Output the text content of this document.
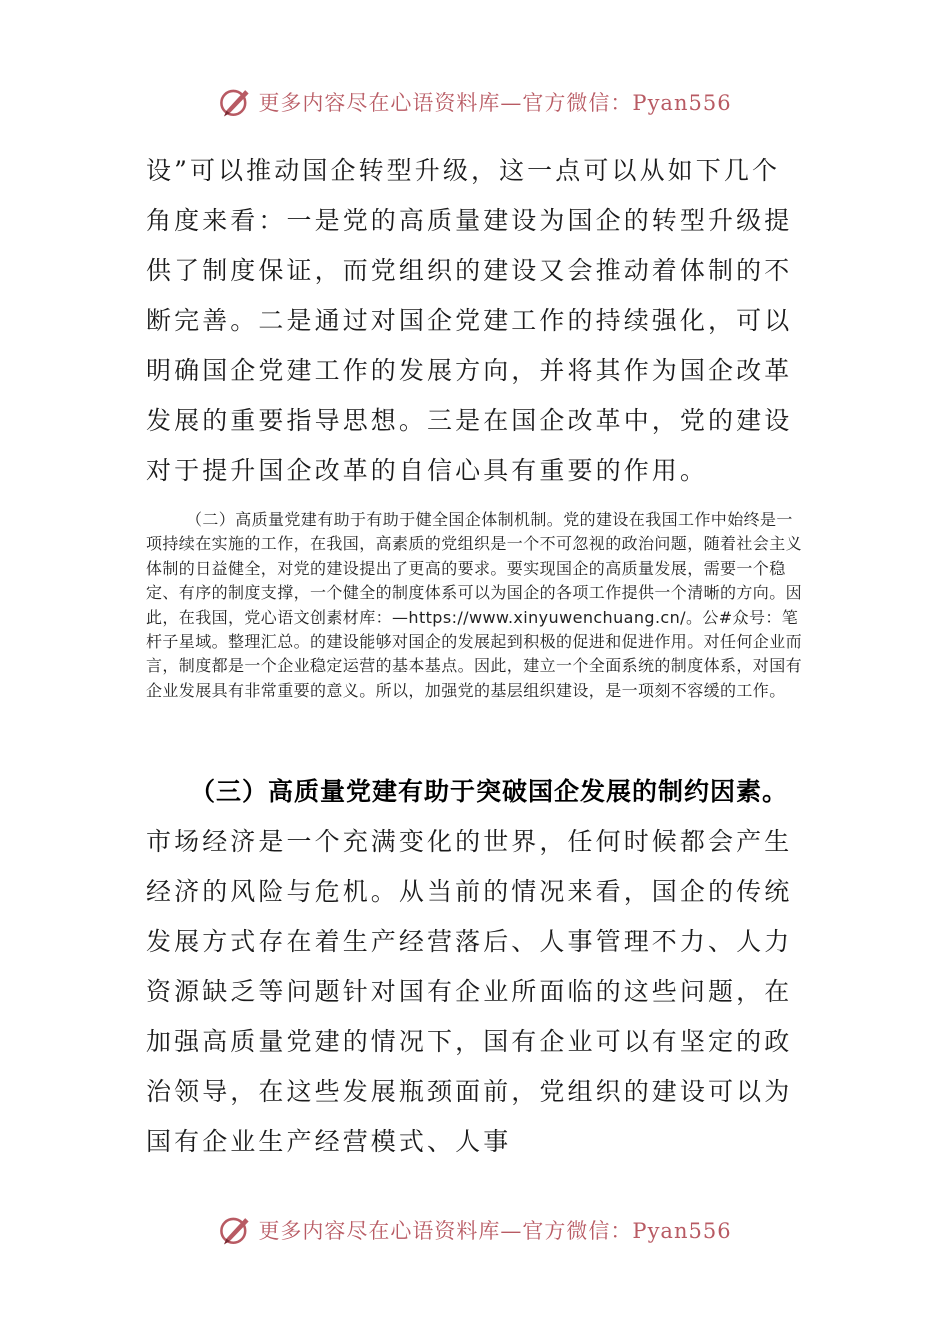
更多内容尽在心语资料库—官方微信：Pyan556

设”可以推动国企转型升级，这一点可以从如下几个角度来看：一是党的高质量建设为国企的转型升级提供了制度保证，而党组织的建设又会推动着体制的不断完善。二是通过对国企党建工作的持续强化，可以明确国企党建工作的发展方向，并将其作为国企改革发展的重要指导思想。三是在国企改革中，党的建设对于提升国企改革的自信心具有重要的作用。

（二）高质量党建有助于有助于健全国企体制机制。党的建设在我国工作中始终是一项持续在实施的工作，在我国，高素质的党组织是一个不可忽视的政治问题，随着社会主义体制的日益健全，对党的建设提出了更高的要求。要实现国企的高质量发展，需要一个稳定、有序的制度支撑，一个健全的制度体系可以为国企的各项工作提供一个清晰的方向。因此，在我国，党心语文创素材库：—https://www.xinyuwenchuang.cn/。公#众号：笔杆子星域。整理汇总。的建设能够对国企的发展起到积极的促进和促进作用。对任何企业而言，制度都是一个企业稳定运营的基本基点。因此，建立一个全面系统的制度体系，对国有企业发展具有非常重要的意义。所以，加强党的基层组织建设，是一项刻不容缓的工作。

（三）高质量党建有助于突破国企发展的制约因素。市场经济是一个充满变化的世界，任何时候都会产生经济的风险与危机。从当前的情况来看，国企的传统发展方式存在着生产经营落后、人事管理不力、人力资源缺乏等问题针对国有企业所面临的这些问题，在加强高质量党建的情况下，国有企业可以有坚定的政治领导，在这些发展瓶颈面前，党组织的建设可以为国有企业生产经营模式、人事

更多内容尽在心语资料库—官方微信：Pyan556
